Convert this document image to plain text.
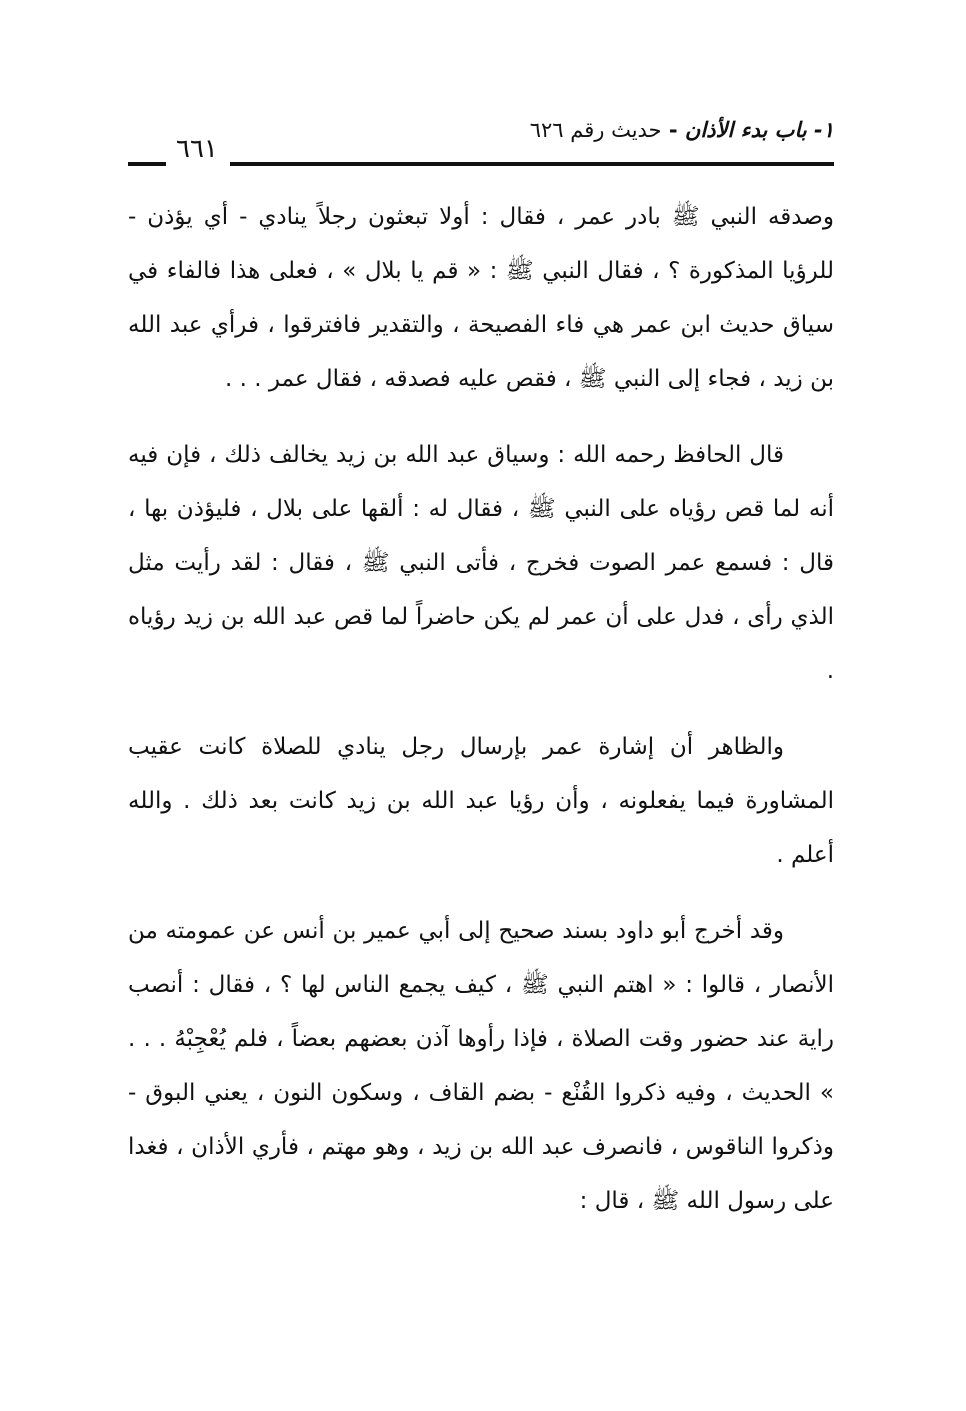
١- باب بدء الأذان - حديث رقم ٦٢٦
٦٦١

وصدقه النبي ﷺ بادر عمر ، فقال : أولا تبعثون رجلاً ينادي - أي يؤذن - للرؤيا المذكورة ؟ ، فقال النبي ﷺ : « قم يا بلال » ، فعلى هذا فالفاء في سياق حديث ابن عمر هي فاء الفصيحة ، والتقدير فافترقوا ، فرأي عبد الله بن زيد ، فجاء إلى النبي ﷺ ، فقص عليه فصدقه ، فقال عمر . . .

قال الحافظ رحمه الله : وسياق عبد الله بن زيد يخالف ذلك ، فإن فيه أنه لما قص رؤياه على النبي ﷺ ، فقال له : ألقها على بلال ، فليؤذن بها ، قال : فسمع عمر الصوت فخرج ، فأتى النبي ﷺ ، فقال : لقد رأيت مثل الذي رأى ، فدل على أن عمر لم يكن حاضراً لما قص عبد الله بن زيد رؤياه .

والظاهر أن إشارة عمر بإرسال رجل ينادي للصلاة كانت عقيب المشاورة فيما يفعلونه ، وأن رؤيا عبد الله بن زيد كانت بعد ذلك . والله أعلم .

وقد أخرج أبو داود بسند صحيح إلى أبي عمير بن أنس عن عمومته من الأنصار ، قالوا : « اهتم النبي ﷺ ، كيف يجمع الناس لها ؟ ، فقال : أنصب راية عند حضور وقت الصلاة ، فإذا رأوها آذن بعضهم بعضاً ، فلم يُعْجِبْهُ . . . » الحديث ، وفيه ذكروا القُنْع - بضم القاف ، وسكون النون ، يعني البوق - وذكروا الناقوس ، فانصرف عبد الله بن زيد ، وهو مهتم ، فأري الأذان ، فغدا على رسول الله ﷺ ، قال :
